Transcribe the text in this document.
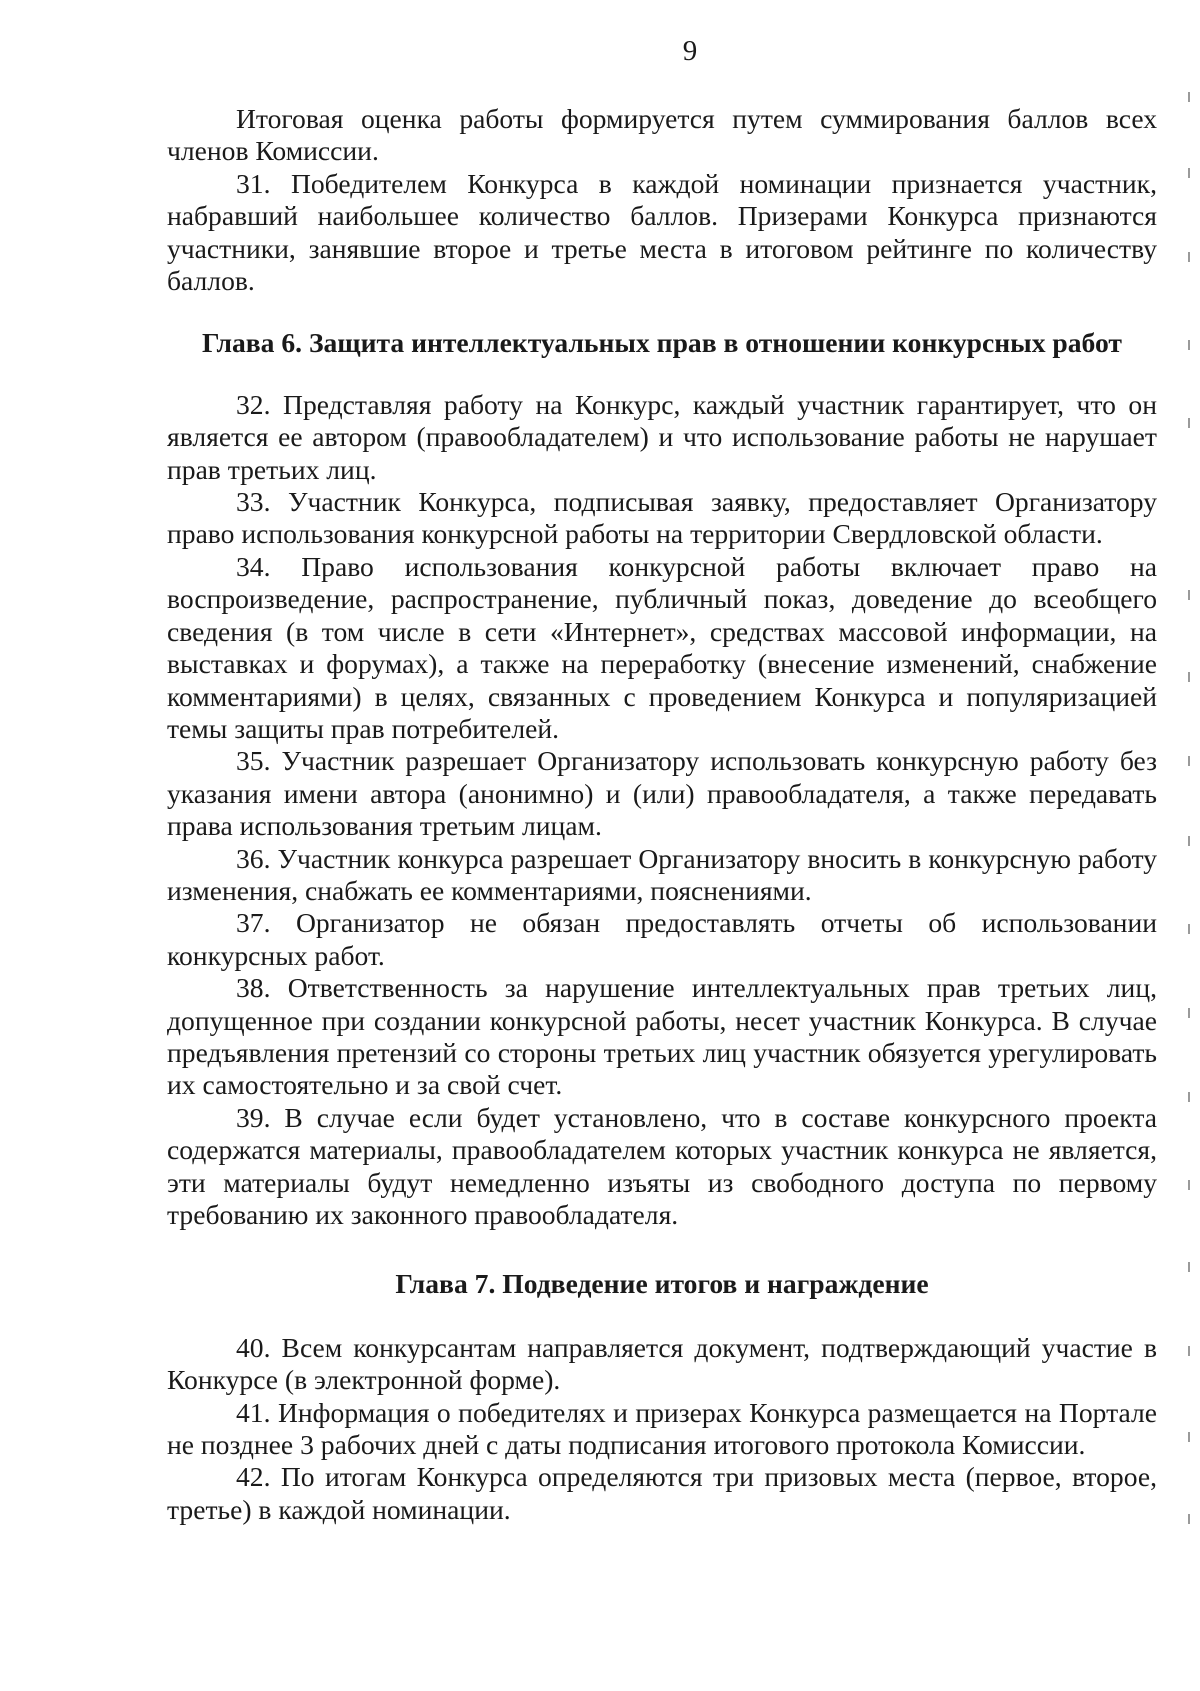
9

Итоговая оценка работы формируется путем суммирования баллов всех членов Комиссии.

31. Победителем Конкурса в каждой номинации признается участник, набравший наибольшее количество баллов. Призерами Конкурса признаются участники, занявшие второе и третье места в итоговом рейтинге по количеству баллов.

Глава 6. Защита интеллектуальных прав в отношении конкурсных работ

32. Представляя работу на Конкурс, каждый участник гарантирует, что он является ее автором (правообладателем) и что использование работы не нарушает прав третьих лиц.

33. Участник Конкурса, подписывая заявку, предоставляет Организатору право использования конкурсной работы на территории Свердловской области.

34. Право использования конкурсной работы включает право на воспроизведение, распространение, публичный показ, доведение до всеобщего сведения (в том числе в сети «Интернет», средствах массовой информации, на выставках и форумах), а также на переработку (внесение изменений, снабжение комментариями) в целях, связанных с проведением Конкурса и популяризацией темы защиты прав потребителей.

35. Участник разрешает Организатору использовать конкурсную работу без указания имени автора (анонимно) и (или) правообладателя, а также передавать права использования третьим лицам.

36. Участник конкурса разрешает Организатору вносить в конкурсную работу изменения, снабжать ее комментариями, пояснениями.

37. Организатор не обязан предоставлять отчеты об использовании конкурсных работ.

38. Ответственность за нарушение интеллектуальных прав третьих лиц, допущенное при создании конкурсной работы, несет участник Конкурса. В случае предъявления претензий со стороны третьих лиц участник обязуется урегулировать их самостоятельно и за свой счет.

39. В случае если будет установлено, что в составе конкурсного проекта содержатся материалы, правообладателем которых участник конкурса не является, эти материалы будут немедленно изъяты из свободного доступа по первому требованию их законного правообладателя.

Глава 7. Подведение итогов и награждение

40. Всем конкурсантам направляется документ, подтверждающий участие в Конкурсе (в электронной форме).

41. Информация о победителях и призерах Конкурса размещается на Портале не позднее 3 рабочих дней с даты подписания итогового протокола Комиссии.

42. По итогам Конкурса определяются три призовых места (первое, второе, третье) в каждой номинации.
